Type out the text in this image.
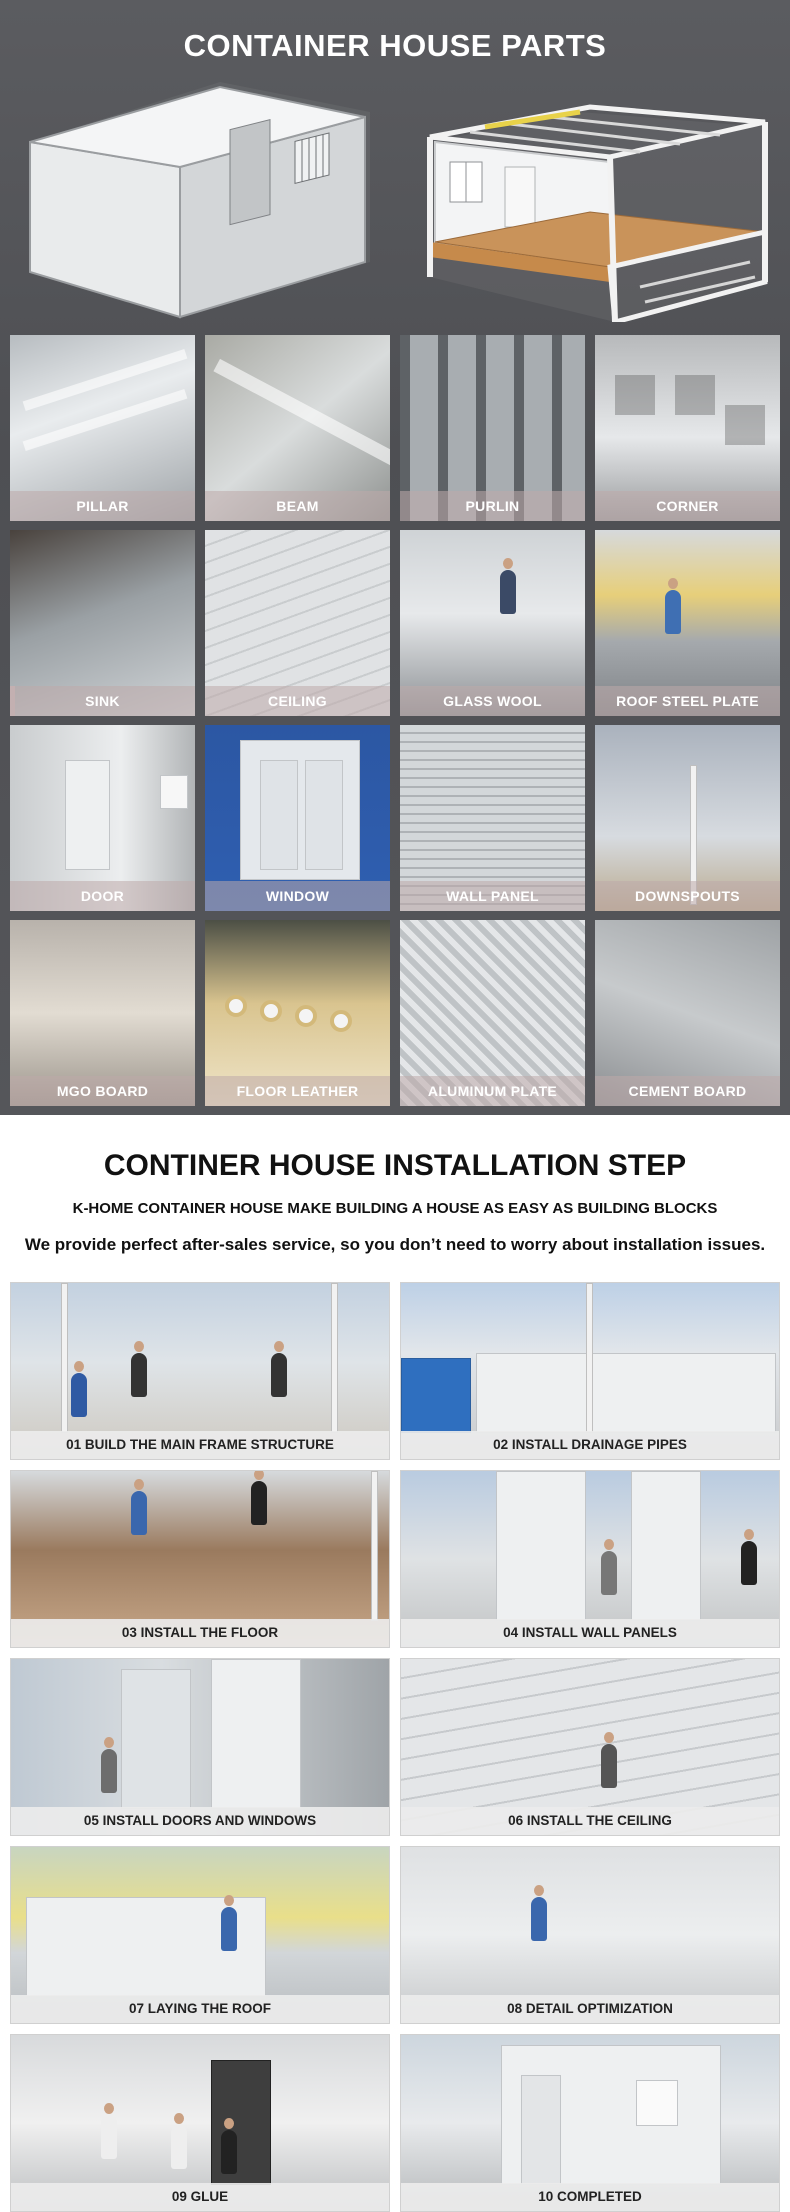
CONTAINER HOUSE PARTS
PILLAR	BEAM	PURLIN	CORNER
SINK	CEILING	GLASS WOOL	ROOF STEEL PLATE
DOOR	WINDOW	WALL PANEL	DOWNSPOUTS
MGO BOARD	FLOOR LEATHER	ALUMINUM PLATE	CEMENT BOARD
CONTINER HOUSE INSTALLATION STEP

K-HOME CONTAINER HOUSE MAKE BUILDING A HOUSE AS EASY AS BUILDING BLOCKS

We provide perfect after-sales service, so you don’t need to worry about installation issues.

01 BUILD THE MAIN FRAME STRUCTURE	02 INSTALL DRAINAGE PIPES
03 INSTALL THE FLOOR	04 INSTALL WALL PANELS
05 INSTALL DOORS AND WINDOWS	06 INSTALL THE CEILING
07 LAYING THE ROOF	08 DETAIL OPTIMIZATION
09 GLUE	10 COMPLETED
